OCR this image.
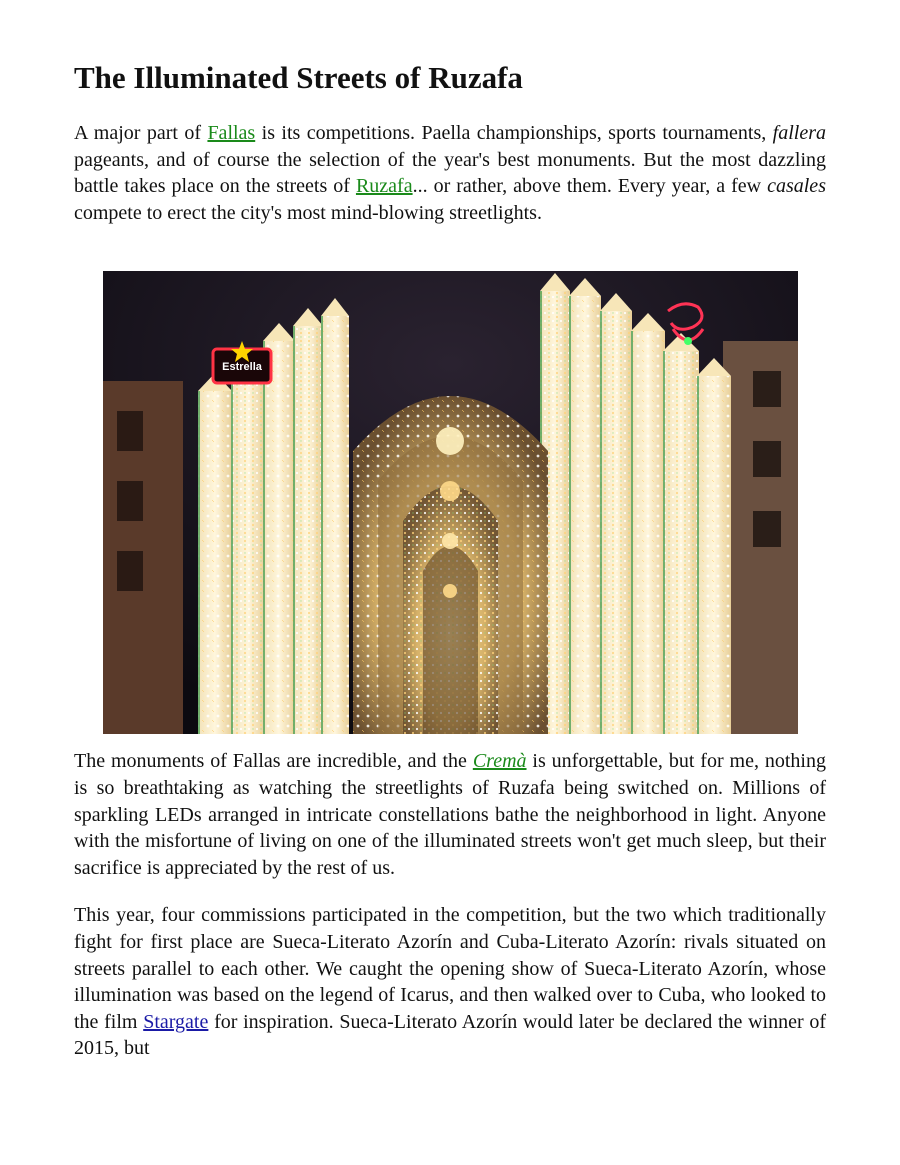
The Illuminated Streets of Ruzafa

A major part of Fallas is its competitions. Paella championships, sports tournaments, fallera pageants, and of course the selection of the year's best monuments. But the most dazzling battle takes place on the streets of Ruzafa... or rather, above them. Every year, a few casales compete to erect the city's most mind-blowing streetlights.

Estrella

The monuments of Fallas are incredible, and the Cremà is unforgettable, but for me, nothing is so breathtaking as watching the streetlights of Ruzafa being switched on. Millions of sparkling LEDs arranged in intricate constellations bathe the neighborhood in light. Anyone with the misfortune of living on one of the illuminated streets won't get much sleep, but their sacrifice is appreciated by the rest of us.

This year, four commissions participated in the competition, but the two which traditionally fight for first place are Sueca-Literato Azorín and Cuba-Literato Azorín: rivals situated on streets parallel to each other. We caught the opening show of Sueca-Literato Azorín, whose illumination was based on the legend of Icarus, and then walked over to Cuba, who looked to the film Stargate for inspiration. Sueca-Literato Azorín would later be declared the winner of 2015, but
